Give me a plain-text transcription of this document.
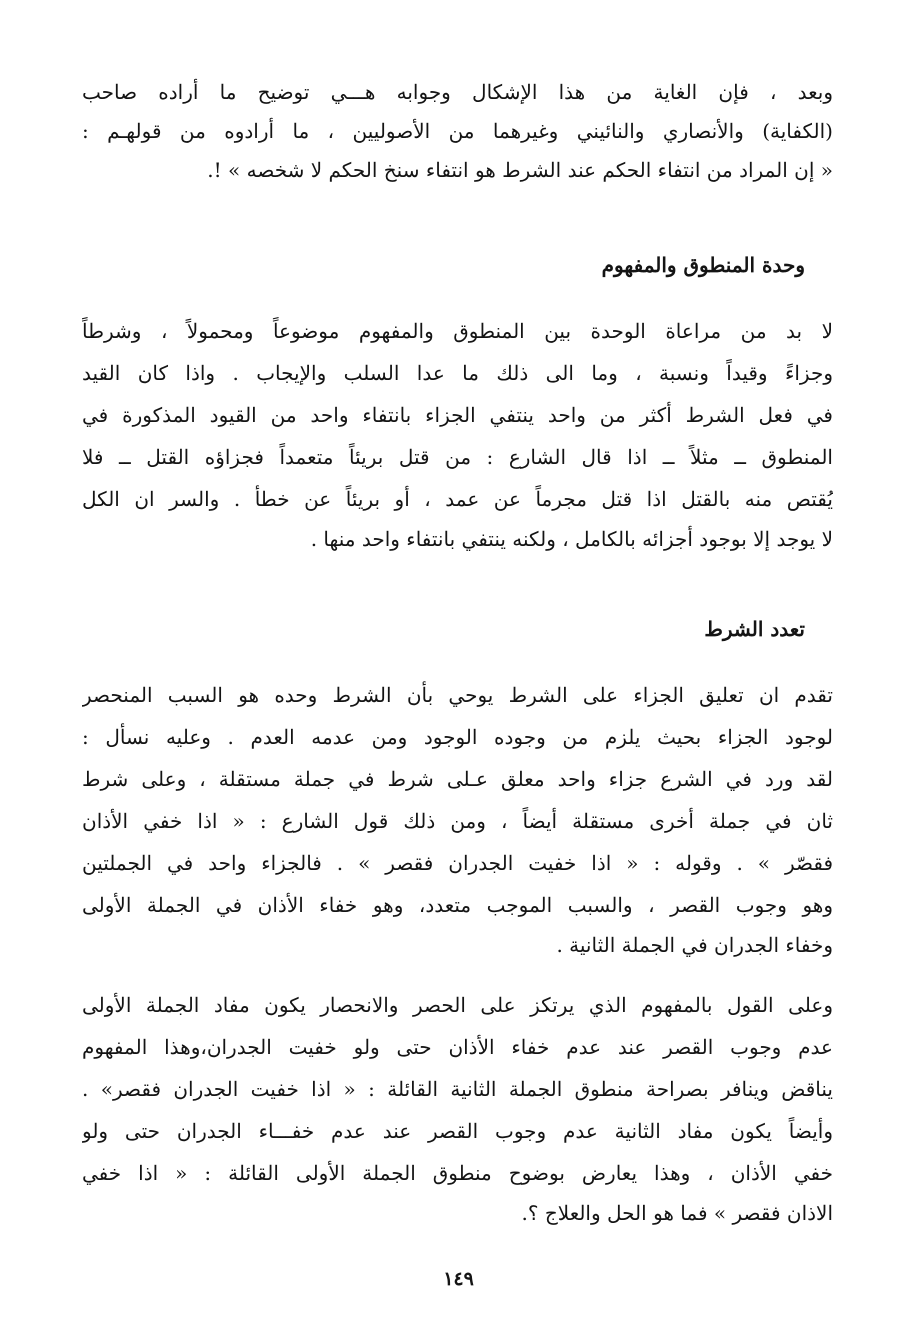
وبعد ، فإن الغاية من هذا الإشكال وجوابه هـــي توضيح ما أراده صاحب
(الكفاية) والأنصاري والنائيني وغيرهما من الأصوليين ، ما أرادوه من قولهـم :
« إن المراد من انتفاء الحكم عند الشرط هو انتفاء سنخ الحكم لا شخصه » !.
وحدة المنطوق والمفهوم
لا بد من مراعاة الوحدة بين المنطوق والمفهوم موضوعاً ومحمولاً ، وشرطاً
وجزاءً وقيداً ونسبة ، وما الى ذلك ما عدا السلب والإيجاب . واذا كان القيد
في فعل الشرط أكثر من واحد ينتفي الجزاء بانتفاء واحد من القيود المذكورة في
المنطوق ــ مثلاً ــ اذا قال الشارع : من قتل بريئاً متعمداً فجزاؤه القتل ــ فلا
يُقتص منه بالقتل اذا قتل مجرماً عن عمد ، أو بريئاً عن خطأ . والسر ان الكل
لا يوجد إلا بوجود أجزائه بالكامل ، ولكنه ينتفي بانتفاء واحد منها .
تعدد الشرط
تقدم ان تعليق الجزاء على الشرط يوحي بأن الشرط وحده هو السبب المنحصر
لوجود الجزاء بحيث يلزم من وجوده الوجود ومن عدمه العدم . وعليه نسأل :
لقد ورد في الشرع جزاء واحد معلق عـلى شرط في جملة مستقلة ، وعلى شرط
ثان في جملة أخرى مستقلة أيضاً ، ومن ذلك قول الشارع : « اذا خفي الأذان
فقصّر » . وقوله : « اذا خفيت الجدران فقصر » . فالجزاء واحد في الجملتين
وهو وجوب القصر ، والسبب الموجب متعدد، وهو خفاء الأذان في الجملة الأولى
وخفاء الجدران في الجملة الثانية .
وعلى القول بالمفهوم الذي يرتكز على الحصر والانحصار يكون مفاد الجملة الأولى
عدم وجوب القصر عند عدم خفاء الأذان حتى ولو خفيت الجدران،وهذا المفهوم
يناقض وينافر بصراحة منطوق الجملة الثانية القائلة : « اذا خفيت الجدران فقصر» .
وأيضاً يكون مفاد الثانية عدم وجوب القصر عند عدم خفـــاء الجدران حتى ولو
خفي الأذان ، وهذا يعارض بوضوح منطوق الجملة الأولى القائلة : « اذا خفي
الاذان فقصر » فما هو الحل والعلاج ؟.
١٤٩
